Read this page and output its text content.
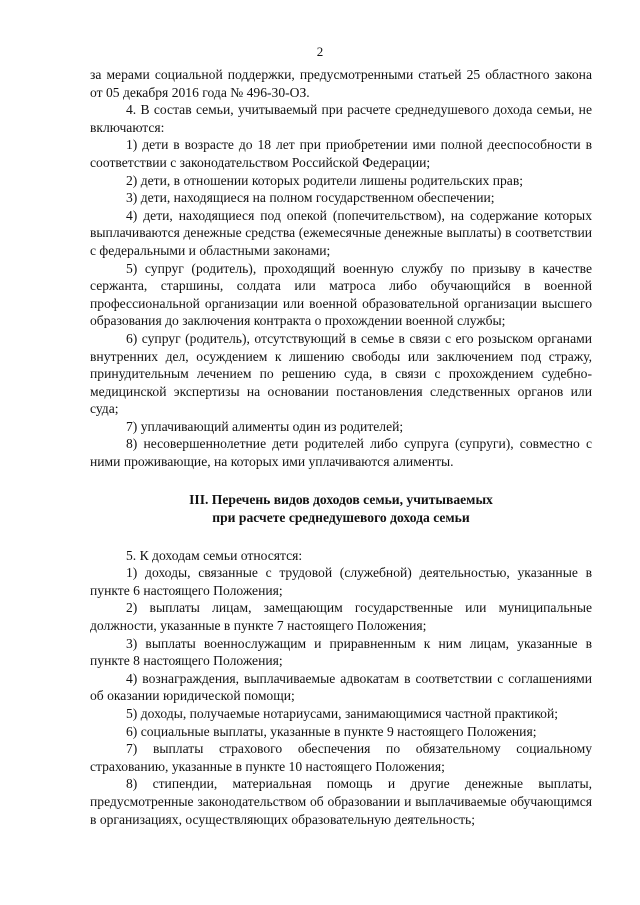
2

за мерами социальной поддержки, предусмотренными статьей 25 областного закона от 05 декабря 2016 года № 496-30-ОЗ.

4. В состав семьи, учитываемый при расчете среднедушевого дохода семьи, не включаются:

1) дети в возрасте до 18 лет при приобретении ими полной дееспособности в соответствии с законодательством Российской Федерации;

2) дети, в отношении которых родители лишены родительских прав;

3) дети, находящиеся на полном государственном обеспечении;

4) дети, находящиеся под опекой (попечительством), на содержание которых выплачиваются денежные средства (ежемесячные денежные выплаты) в соответствии с федеральными и областными законами;

5) супруг (родитель), проходящий военную службу по призыву в качестве сержанта, старшины, солдата или матроса либо обучающийся в военной профессиональной организации или военной образовательной организации высшего образования до заключения контракта о прохождении военной службы;

6) супруг (родитель), отсутствующий в семье в связи с его розыском органами внутренних дел, осуждением к лишению свободы или заключением под стражу, принудительным лечением по решению суда, в связи с прохождением судебно-медицинской экспертизы на основании постановления следственных органов или суда;

7) уплачивающий алименты один из родителей;

8) несовершеннолетние дети родителей либо супруга (супруги), совместно с ними проживающие, на которых ими уплачиваются алименты.

III. Перечень видов доходов семьи, учитываемых
при расчете среднедушевого дохода семьи

5. К доходам семьи относятся:

1) доходы, связанные с трудовой (служебной) деятельностью, указанные в пункте 6 настоящего Положения;

2) выплаты лицам, замещающим государственные или муниципальные должности, указанные в пункте 7 настоящего Положения;

3) выплаты военнослужащим и приравненным к ним лицам, указанные в пункте 8 настоящего Положения;

4) вознаграждения, выплачиваемые адвокатам в соответствии с соглашениями об оказании юридической помощи;

5) доходы, получаемые нотариусами, занимающимися частной практикой;

6) социальные выплаты, указанные в пункте 9 настоящего Положения;

7) выплаты страхового обеспечения по обязательному социальному страхованию, указанные в пункте 10 настоящего Положения;

8) стипендии, материальная помощь и другие денежные выплаты, предусмотренные законодательством об образовании и выплачиваемые обучающимся в организациях, осуществляющих образовательную деятельность;
